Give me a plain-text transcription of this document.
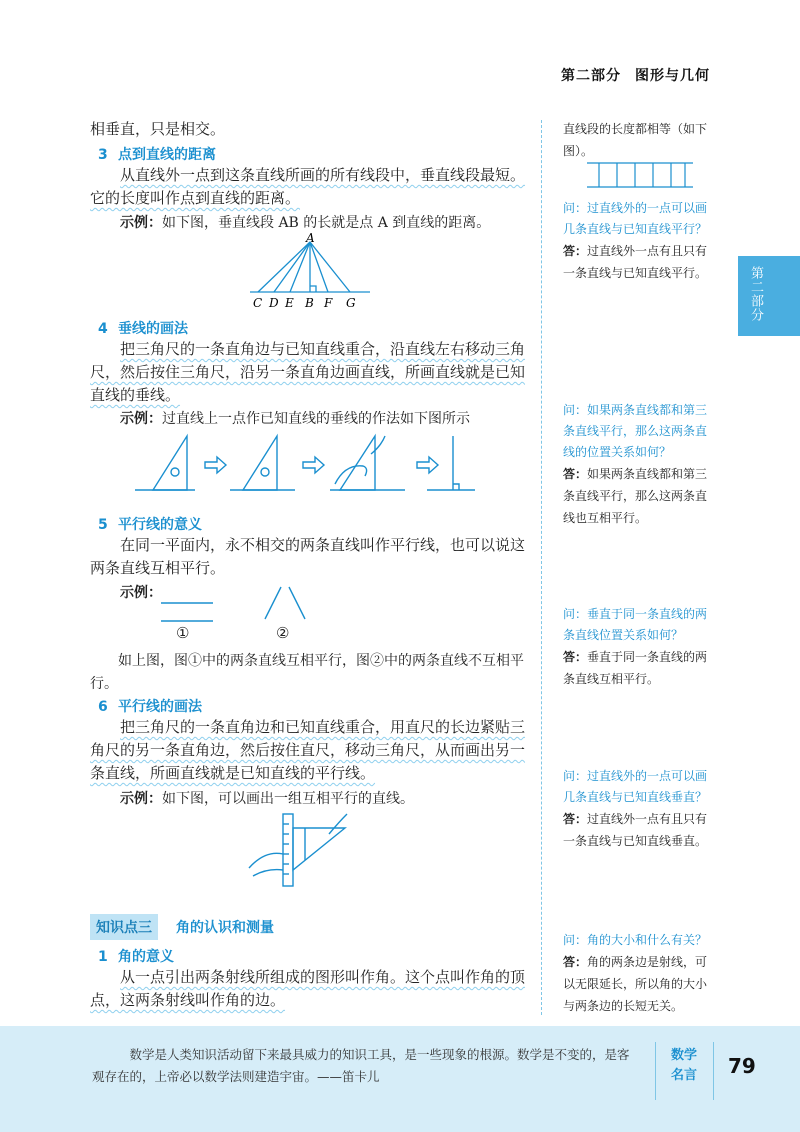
第二部分 图形与几何
第二部分

相垂直，只是相交。

3 点到直线的距离

从直线外一点到这条直线所画的所有线段中，垂直线段最短。它的长度叫作点到直线的距离。

示例：如下图，垂直线段 AB 的长就是点 A 到直线的距离。

A
C D E B F G
4 垂线的画法

把三角尺的一条直角边与已知直线重合，沿直线左右移动三角尺，然后按住三角尺，沿另一条直角边画直线，所画直线就是已知直线的垂线。

示例：过直线上一点作已知直线的垂线的作法如下图所示

5 平行线的意义

在同一平面内，永不相交的两条直线叫作平行线，也可以说这两条直线互相平行。

示例：

①	②

如上图，图①中的两条直线互相平行，图②中的两条直线不互相平行。

6 平行线的画法

把三角尺的一条直角边和已知直线重合，用直尺的长边紧贴三角尺的另一条直角边，然后按住直尺，移动三角尺，从而画出另一条直线，所画直线就是已知直线的平行线。

示例：如下图，可以画出一组互相平行的直线。

知识点三	角的认识和测量
1 角的意义

从一点引出两条射线所组成的图形叫作角。这个点叫作角的顶点，这两条射线叫作角的边。

直线段的长度都相等（如下图）。

问：过直线外的一点可以画几条直线与已知直线平行？

答：过直线外一点有且只有一条直线与已知直线平行。

问：如果两条直线都和第三条直线平行，那么这两条直线的位置关系如何？

答：如果两条直线都和第三条直线平行，那么这两条直线也互相平行。

问：垂直于同一条直线的两条直线位置关系如何？

答：垂直于同一条直线的两条直线互相平行。

问：过直线外的一点可以画几条直线与已知直线垂直？

答：过直线外一点有且只有一条直线与已知直线垂直。

问：角的大小和什么有关？

答：角的两条边是射线，可以无限延长，所以角的大小与两条边的长短无关。

数学是人类知识活动留下来最具威力的知识工具，是一些现象的根源。数学是不变的，是客观存在的，上帝必以数学法则建造宇宙。——笛卡儿
数学
名言	79
